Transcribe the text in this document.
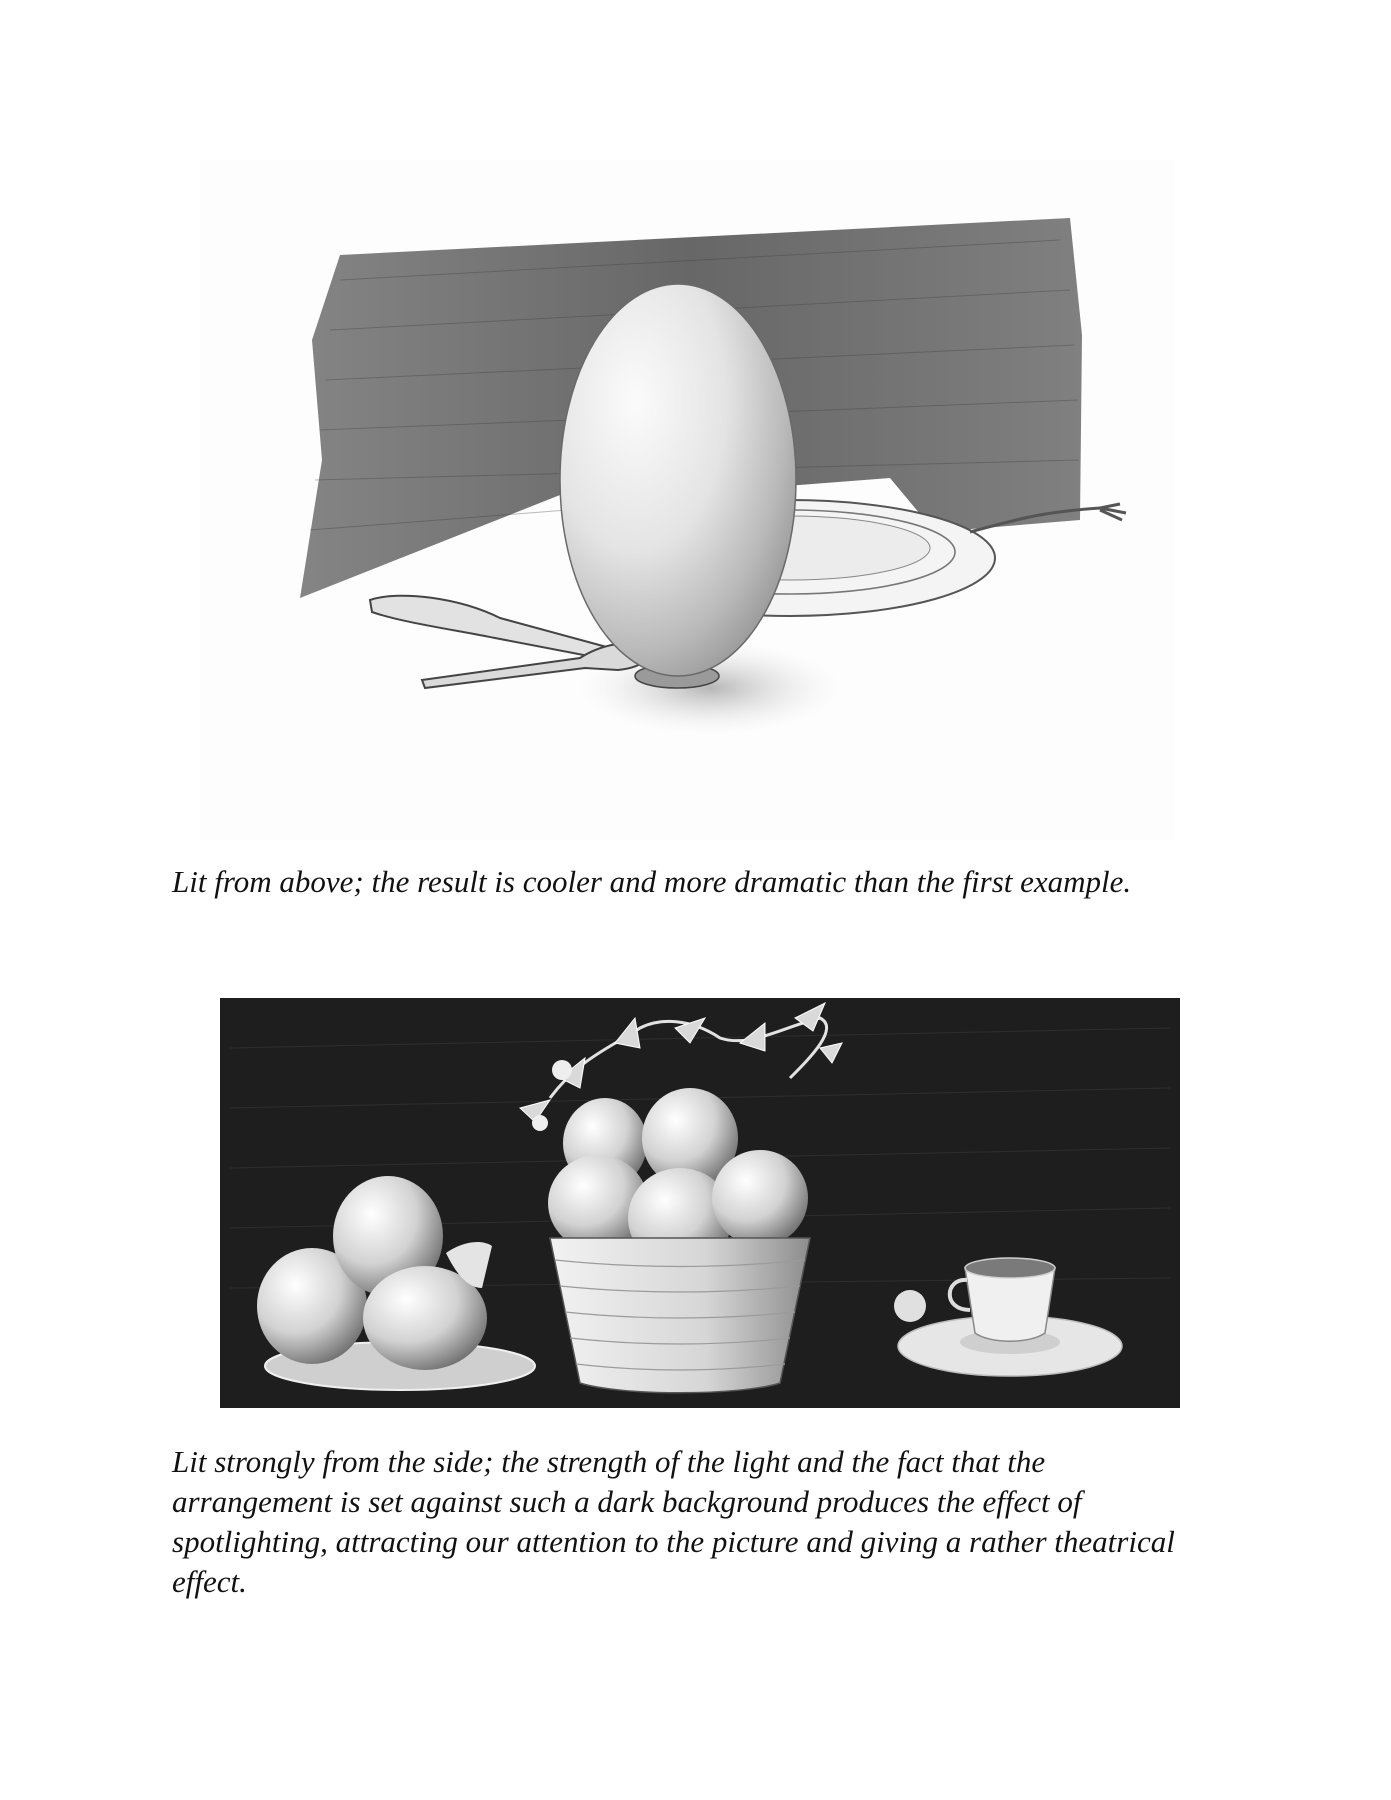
Lit from above; the result is cooler and more dramatic than the first example.

Lit strongly from the side; the strength of the light and the fact that the arrangement is set against such a dark background produces the effect of spotlighting, attracting our attention to the picture and giving a rather theatrical effect.
